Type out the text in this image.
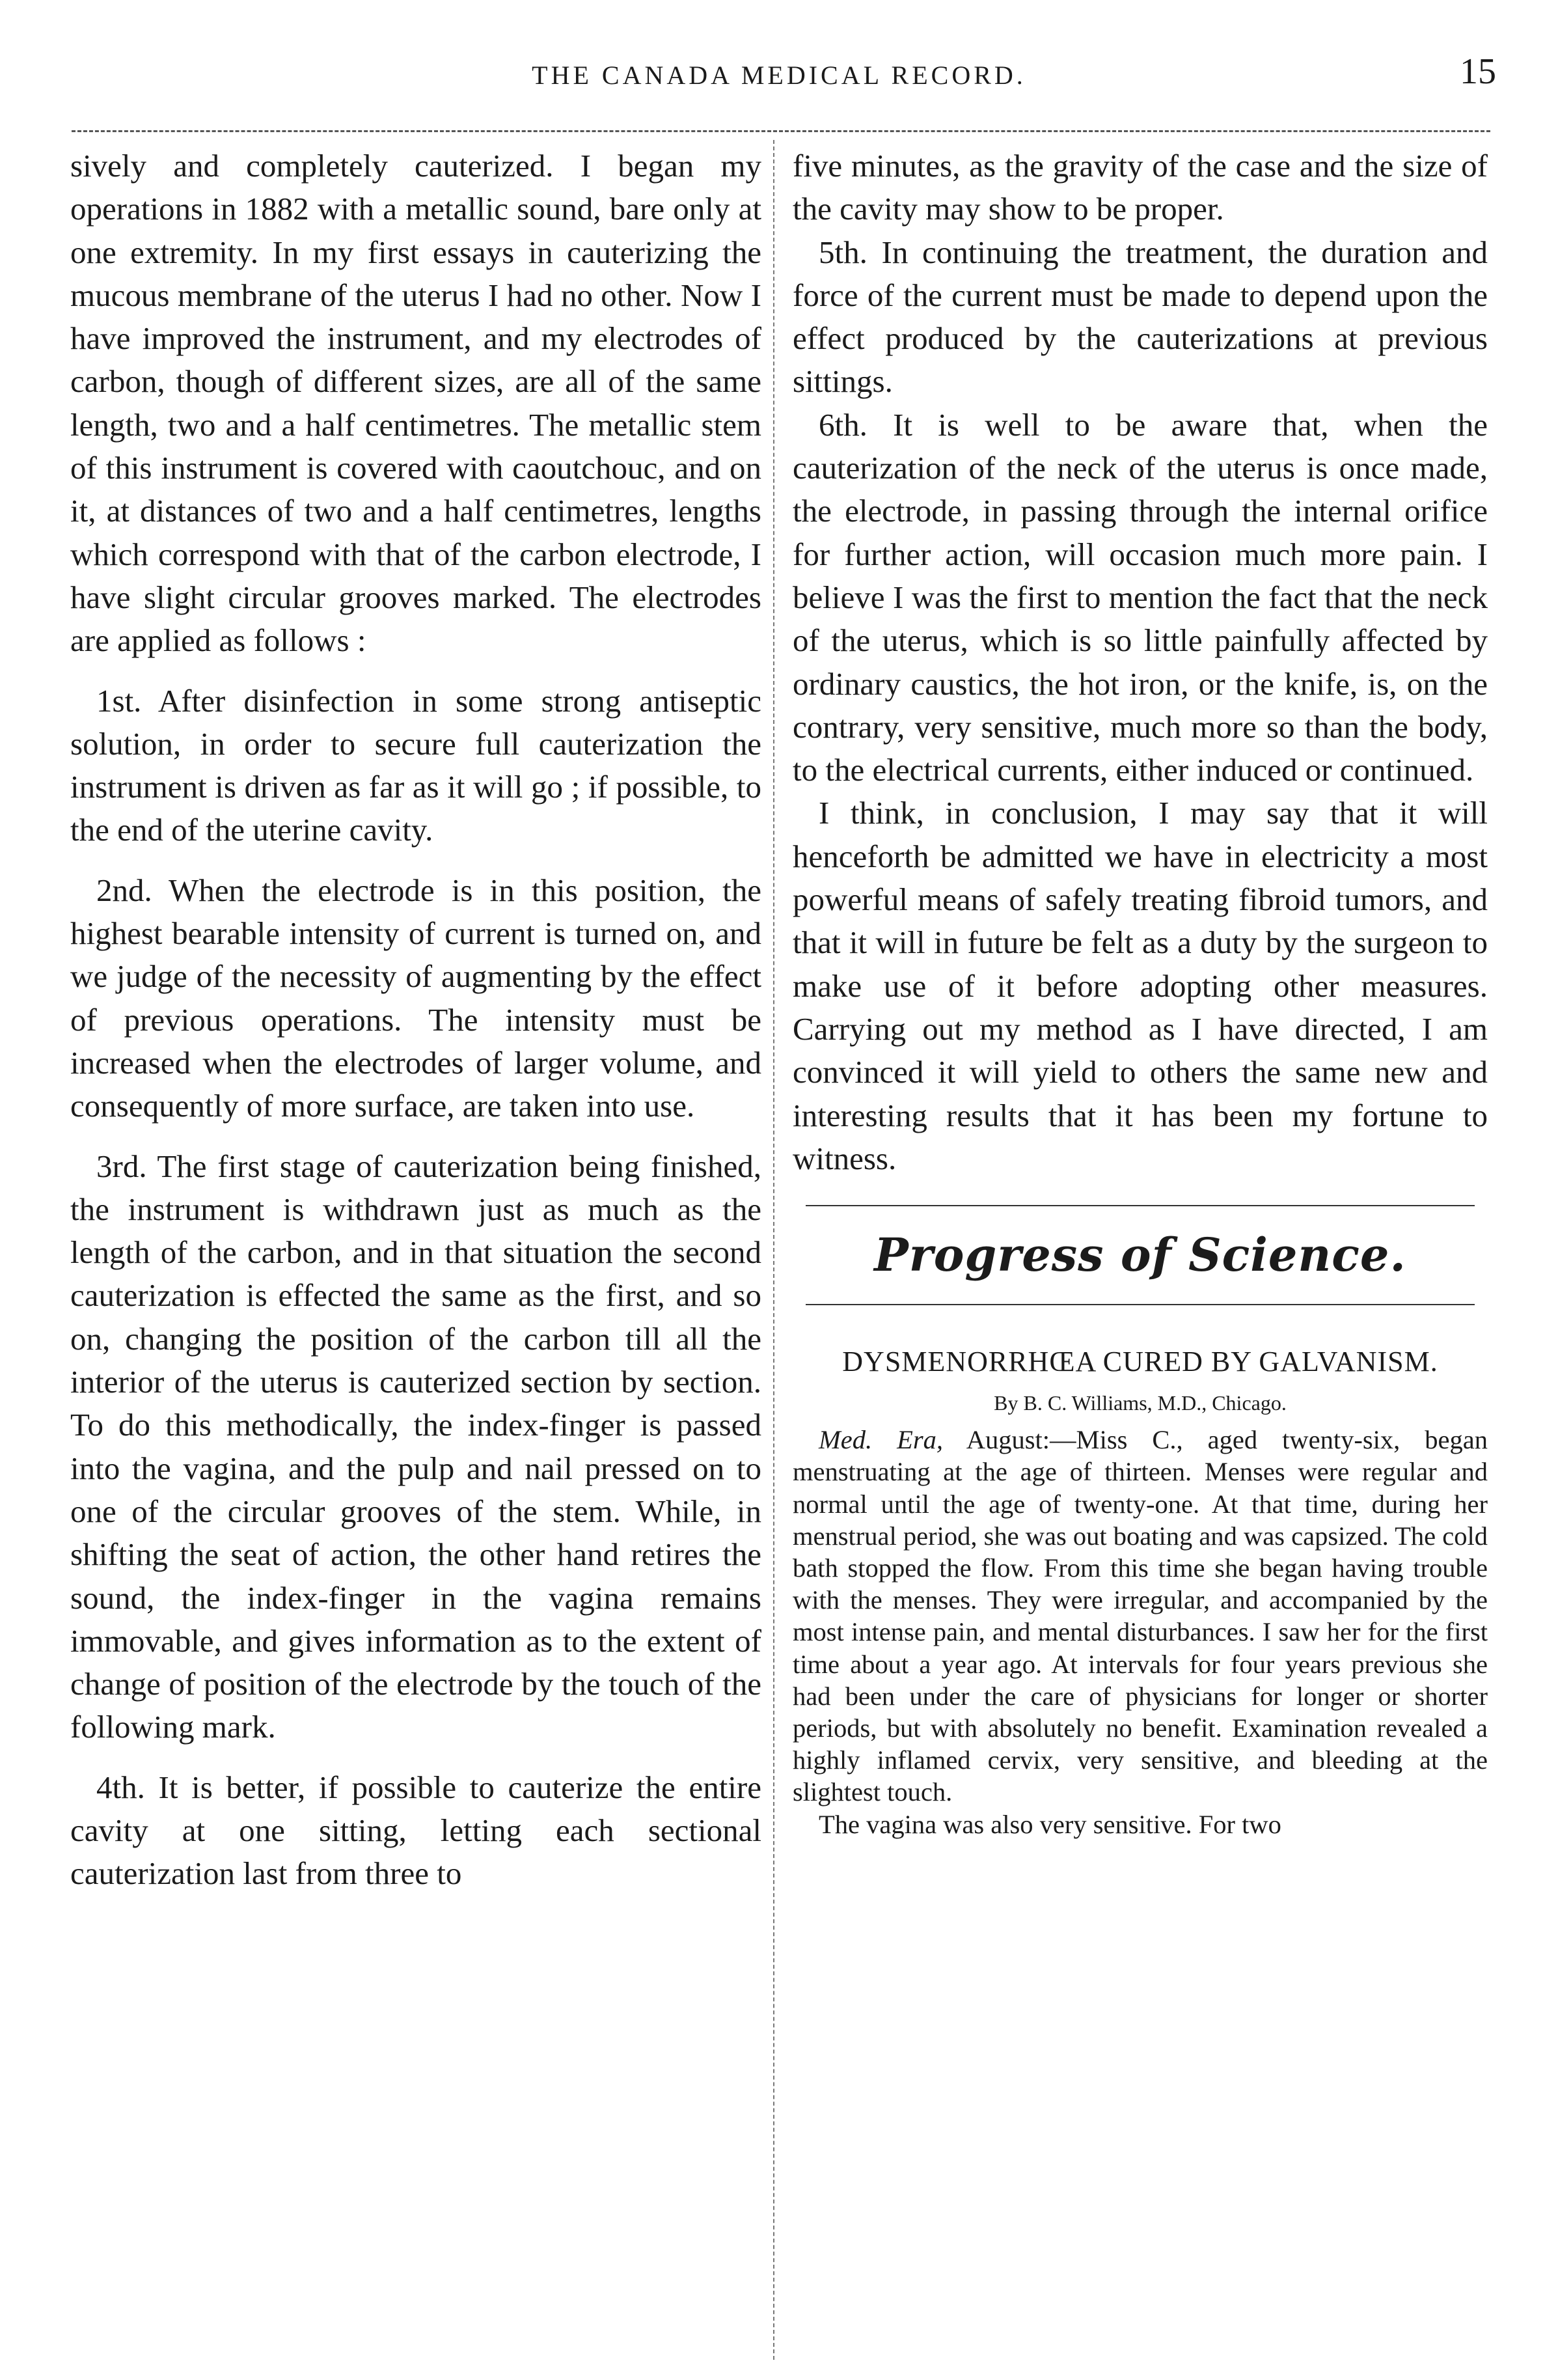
THE CANADA MEDICAL RECORD.	15

sively and completely cauterized. I began my operations in 1882 with a metallic sound, bare only at one extremity. In my first essays in cauterizing the mucous membrane of the uterus I had no other. Now I have improved the instrument, and my electrodes of carbon, though of different sizes, are all of the same length, two and a half centimetres. The metallic stem of this instrument is covered with caoutchouc, and on it, at distances of two and a half centimetres, lengths which correspond with that of the carbon electrode, I have slight circular grooves marked. The electrodes are applied as follows :

1st. After disinfection in some strong antiseptic solution, in order to secure full cauterization the instrument is driven as far as it will go ; if possible, to the end of the uterine cavity.

2nd. When the electrode is in this position, the highest bearable intensity of current is turned on, and we judge of the necessity of augmenting by the effect of previous operations. The intensity must be increased when the electrodes of larger volume, and consequently of more surface, are taken into use.

3rd. The first stage of cauterization being finished, the instrument is withdrawn just as much as the length of the carbon, and in that situation the second cauterization is effected the same as the first, and so on, changing the position of the carbon till all the interior of the uterus is cauterized section by section. To do this methodically, the index-finger is passed into the vagina, and the pulp and nail pressed on to one of the circular grooves of the stem. While, in shifting the seat of action, the other hand retires the sound, the index-finger in the vagina remains immovable, and gives information as to the extent of change of position of the electrode by the touch of the following mark.

4th. It is better, if possible to cauterize the entire cavity at one sitting, letting each sectional cauterization last from three to

five minutes, as the gravity of the case and the size of the cavity may show to be proper.

5th. In continuing the treatment, the duration and force of the current must be made to depend upon the effect produced by the cauterizations at previous sittings.

6th. It is well to be aware that, when the cauterization of the neck of the uterus is once made, the electrode, in passing through the internal orifice for further action, will occasion much more pain. I believe I was the first to mention the fact that the neck of the uterus, which is so little painfully affected by ordinary caustics, the hot iron, or the knife, is, on the contrary, very sensitive, much more so than the body, to the electrical currents, either induced or continued.

I think, in conclusion, I may say that it will henceforth be admitted we have in electricity a most powerful means of safely treating fibroid tumors, and that it will in future be felt as a duty by the surgeon to make use of it before adopting other measures. Carrying out my method as I have directed, I am convinced it will yield to others the same new and interesting results that it has been my fortune to witness.

Progress of Science.
DYSMENORRHŒA CURED BY GALVANISM.
By B. C. Williams, M.D., Chicago.

Med. Era, August:—Miss C., aged twenty-six, began menstruating at the age of thirteen. Menses were regular and normal until the age of twenty-one. At that time, during her menstrual period, she was out boating and was capsized. The cold bath stopped the flow. From this time she began having trouble with the menses. They were irregular, and accompanied by the most intense pain, and mental disturbances. I saw her for the first time about a year ago. At intervals for four years previous she had been under the care of physicians for longer or shorter periods, but with absolutely no benefit. Examination revealed a highly inflamed cervix, very sensitive, and bleeding at the slightest touch.

The vagina was also very sensitive. For two
